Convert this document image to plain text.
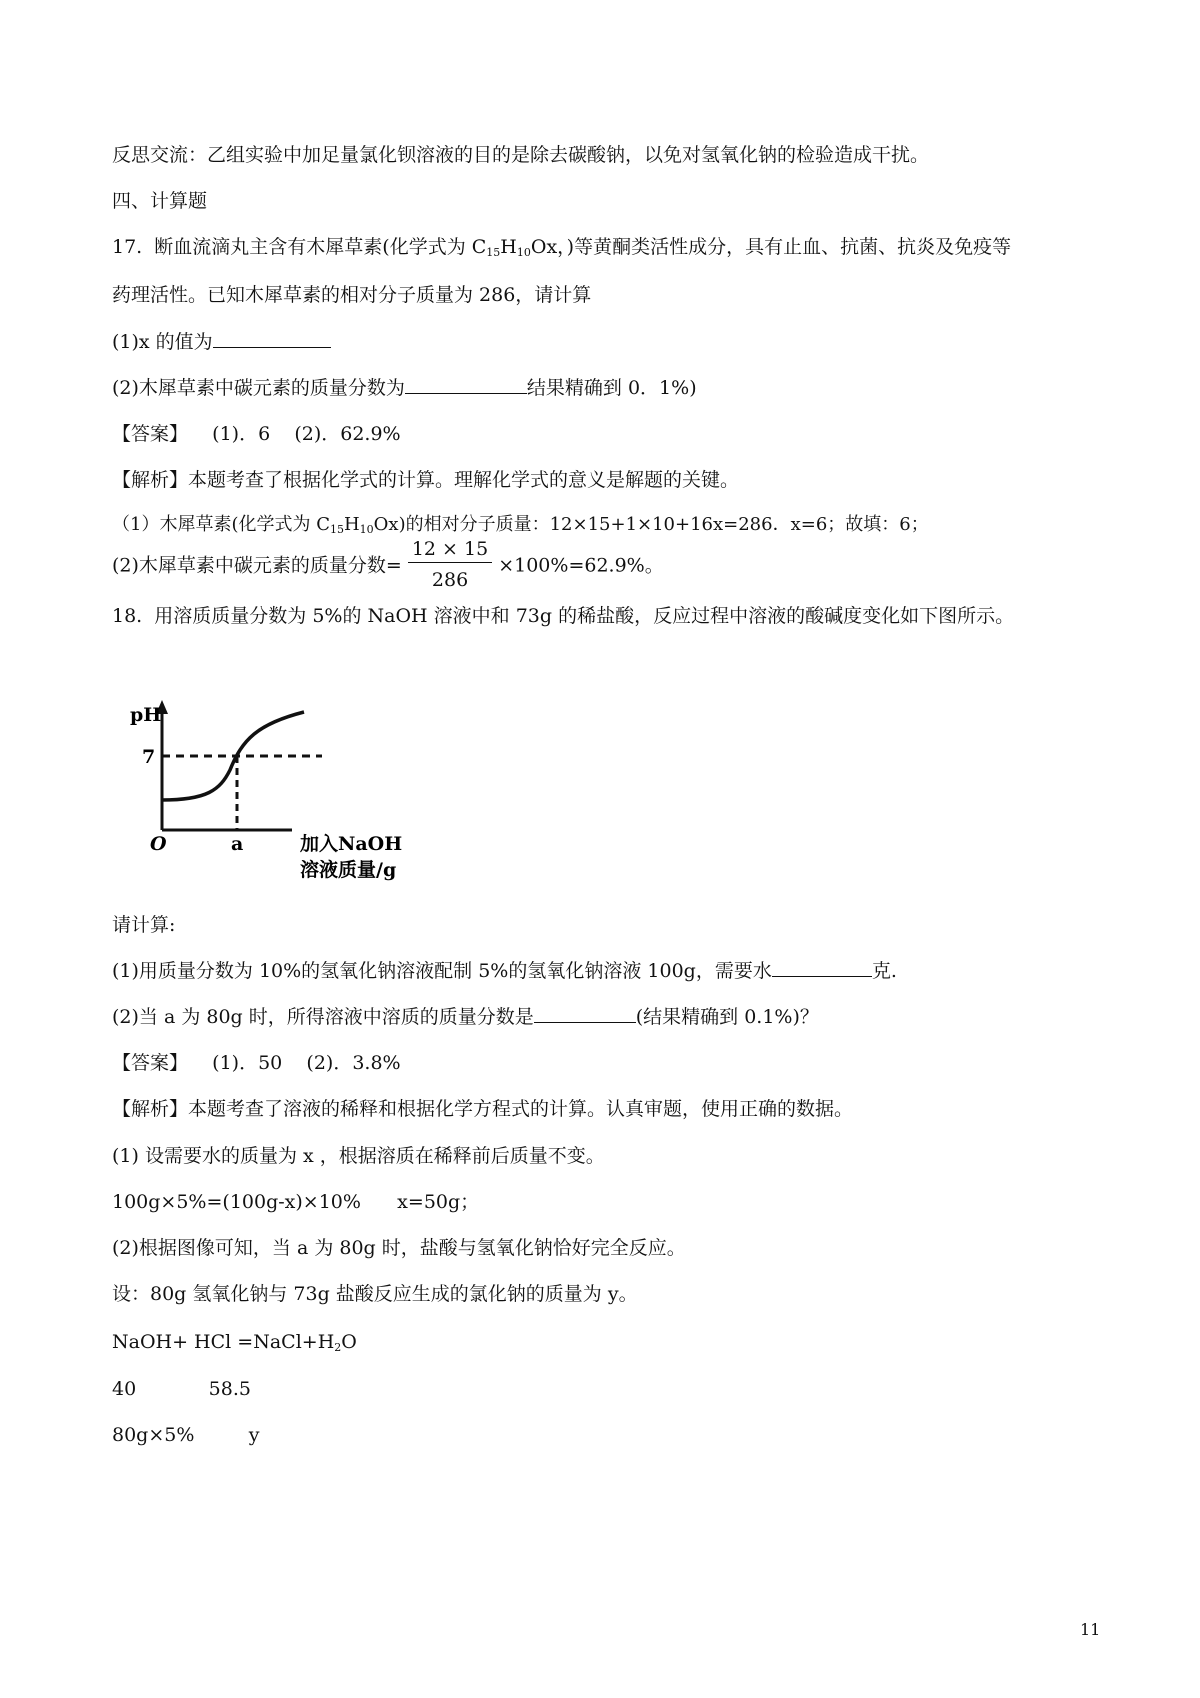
反思交流：乙组实验中加足量氯化钡溶液的目的是除去碳酸钠，以免对氢氧化钠的检验造成干扰。
四、计算题
17.  断血流滴丸主含有木犀草素(化学式为 $C_{15}H_{10}Ox$，)等黄酮类活性成分，具有止血、抗菌、抗炎及免疫等
药理活性。已知木犀草素的相对分子质量为 286，请计算
(1)x 的值为
(2)木犀草素中碳元素的质量分数为	结果精确到 0．1%)
【答案】    (1)．6    (2)．62.9%
【解析】本题考查了根据化学式的计算。理解化学式的意义是解题的关键。
（1）木犀草素(化学式为 $C_{15}H_{10}Ox$)的相对分子质量：12×15+1×10+16x=286．x=6；故填：6；
(2)木犀草素中碳元素的质量分数= $\frac{12 \times 15}{286} \times 100\%=62.9\%$。
18.  用溶质质量分数为 5%的 NaOH 溶液中和 73g 的稀盐酸，反应过程中溶液的酸碱度变化如下图所示。
pH
7
O	a	加入NaOH
溶液质量/g
请计算:
(1)用质量分数为 10%的氢氧化钠溶液配制 5%的氢氧化钠溶液 100g，需要水	克.
(2)当 a 为 80g 时，所得溶液中溶质的质量分数是	(结果精确到 0.1%)？
【答案】    (1)．50    (2)．3.8%
【解析】本题考查了溶液的稀释和根据化学方程式的计算。认真审题，使用正确的数据。
(1) 设需要水的质量为 x ，根据溶质在稀释前后质量不变。
100g×5%=(100g-x)×10%      x=50g；
(2)根据图像可知，当 a 为 80g 时，盐酸与氢氧化钠恰好完全反应。
设：80g 氢氧化钠与 73g 盐酸反应生成的氯化钠的质量为 y。
NaOH+ HCl $=NaCl+H_2O$
40            58.5
80g×5%         y
11
